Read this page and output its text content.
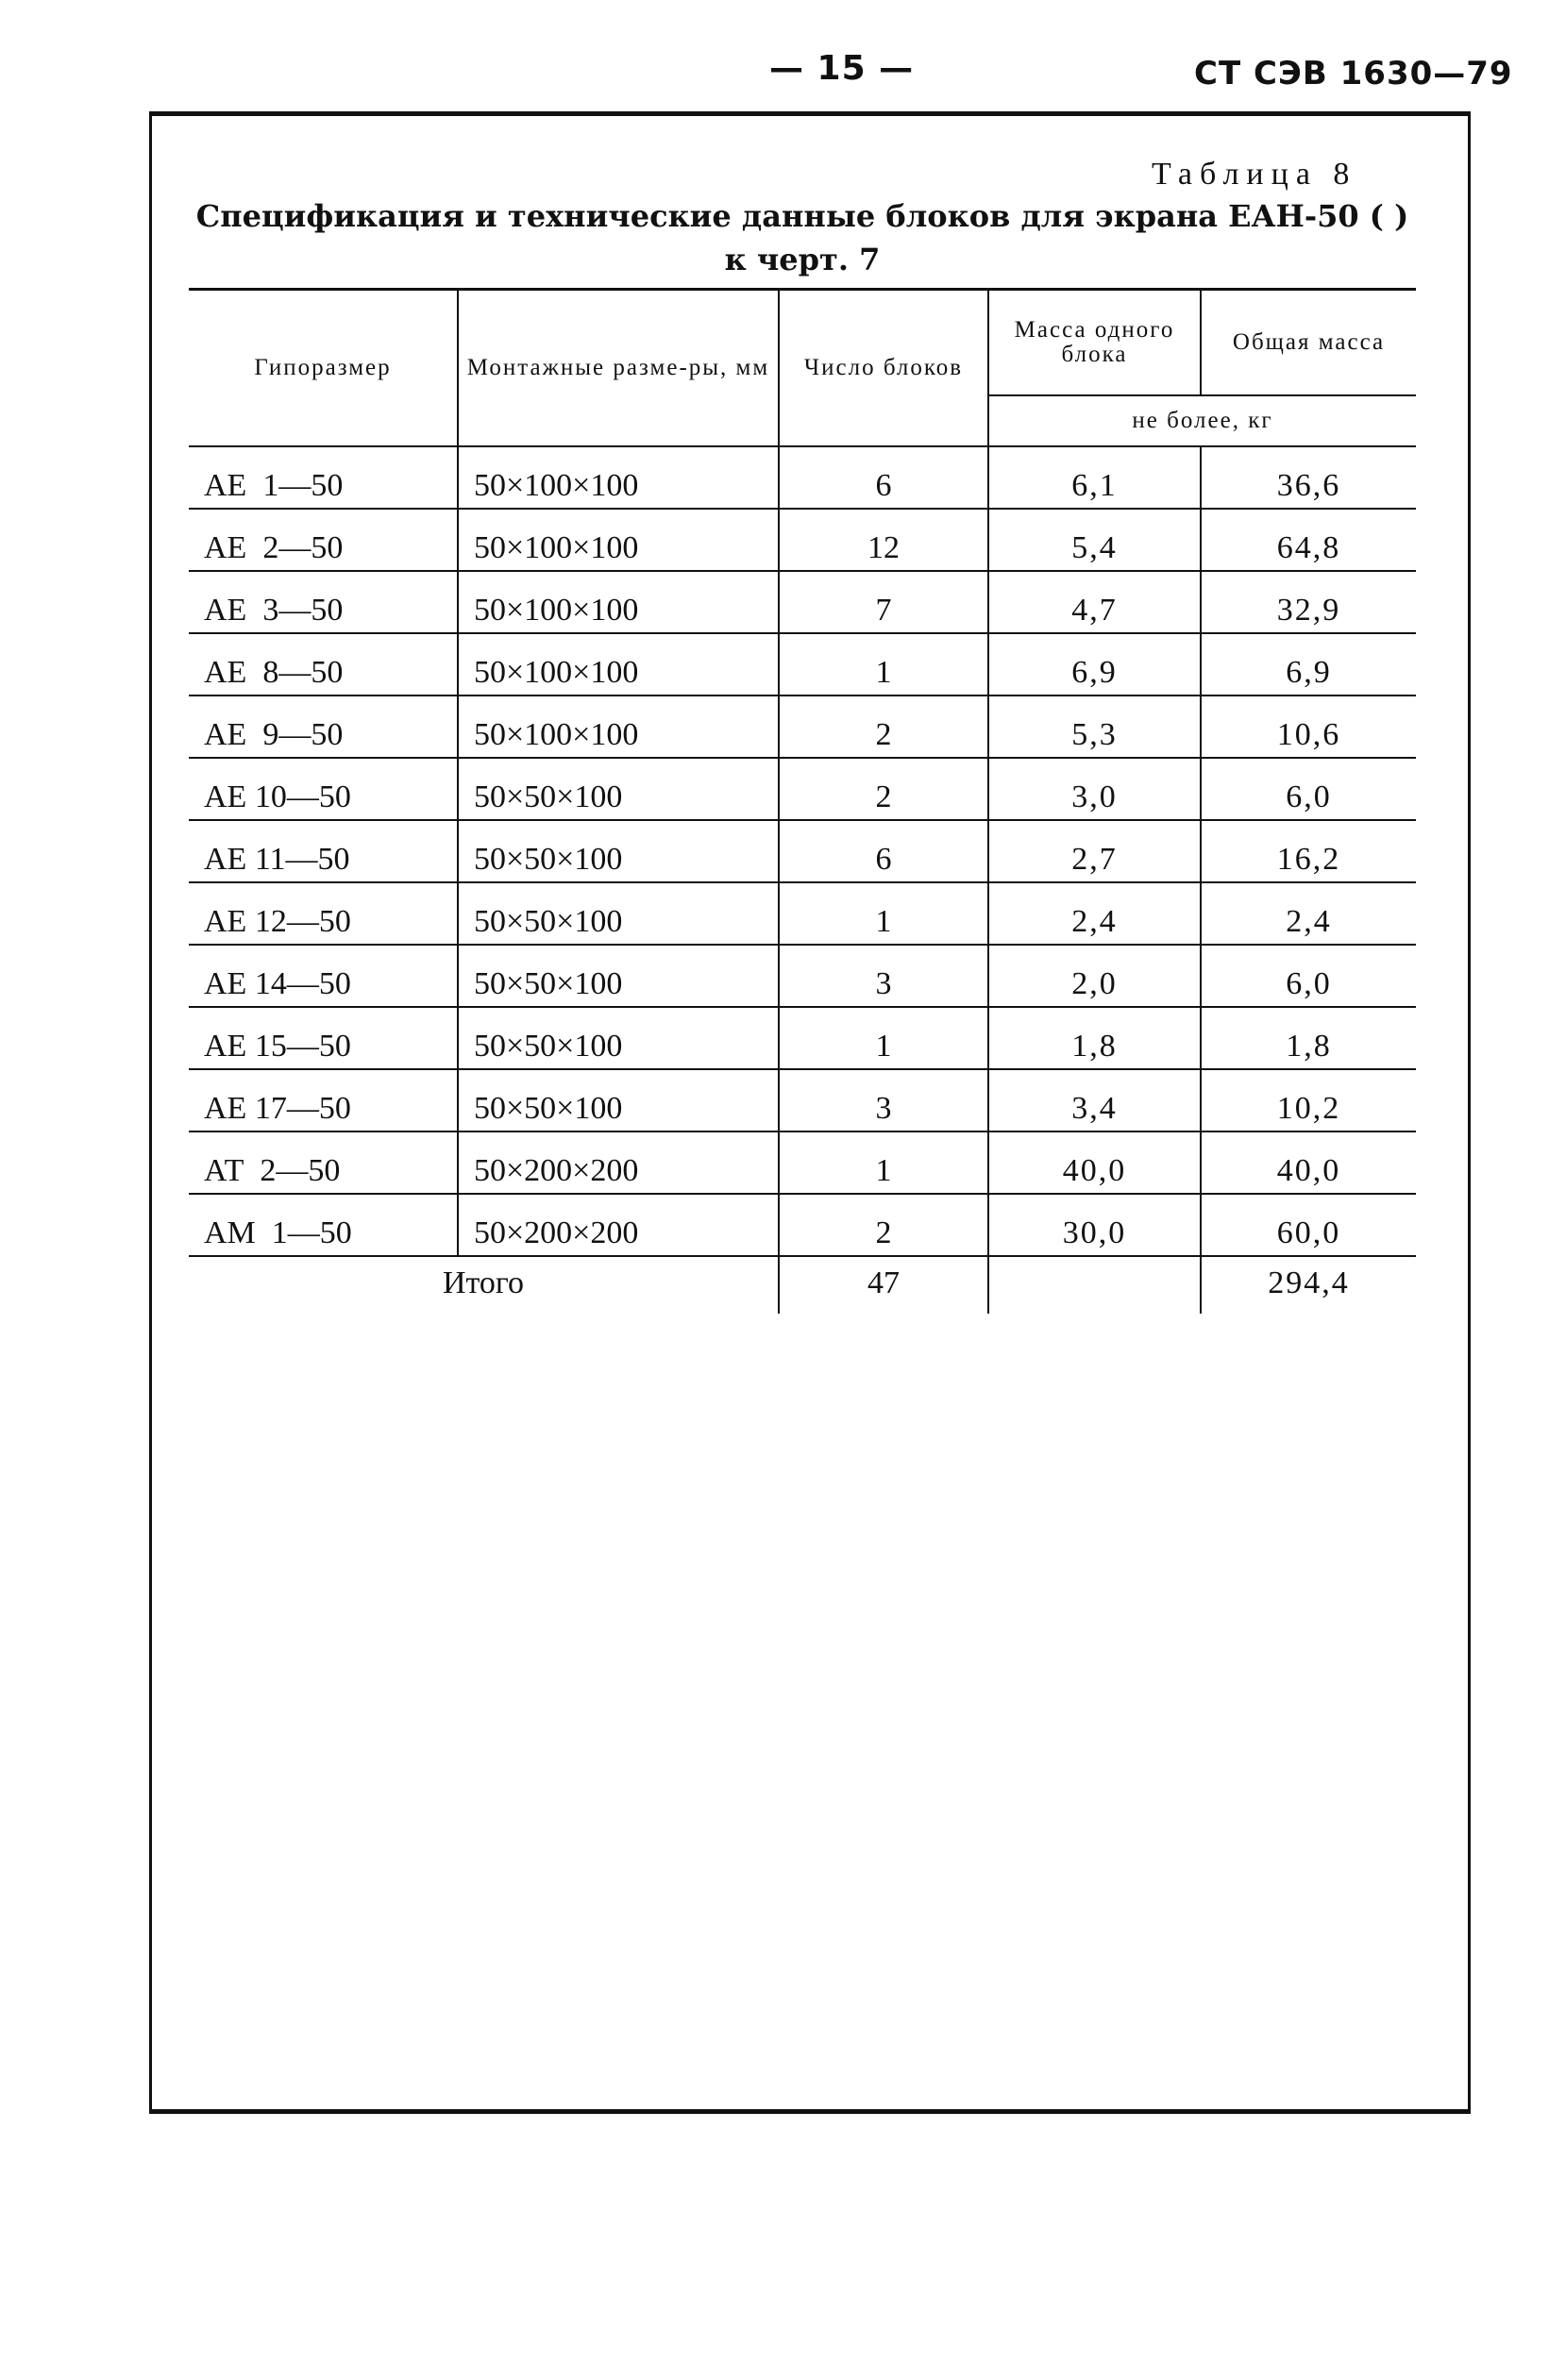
— 15 —	СТ СЭВ 1630—79
Таблица 8
Спецификация и технические данные блоков для экрана ЕАН-50 ( )
к черт. 7
Гипоразмер	Монтажные разме-ры, мм	Число блоков	Масса одного блока	Общая масса
			не более, кг	
АЕ  1—50	50×100×100	6	6,1	36,6
АЕ  2—50	50×100×100	12	5,4	64,8
АЕ  3—50	50×100×100	7	4,7	32,9
АЕ  8—50	50×100×100	1	6,9	6,9
АЕ  9—50	50×100×100	2	5,3	10,6
АЕ 10—50	50×50×100	2	3,0	6,0
АЕ 11—50	50×50×100	6	2,7	16,2
АЕ 12—50	50×50×100	1	2,4	2,4
АЕ 14—50	50×50×100	3	2,0	6,0
АЕ 15—50	50×50×100	1	1,8	1,8
АЕ 17—50	50×50×100	3	3,4	10,2
АТ  2—50	50×200×200	1	40,0	40,0
АМ  1—50	50×200×200	2	30,0	60,0
Итого		47		294,4
